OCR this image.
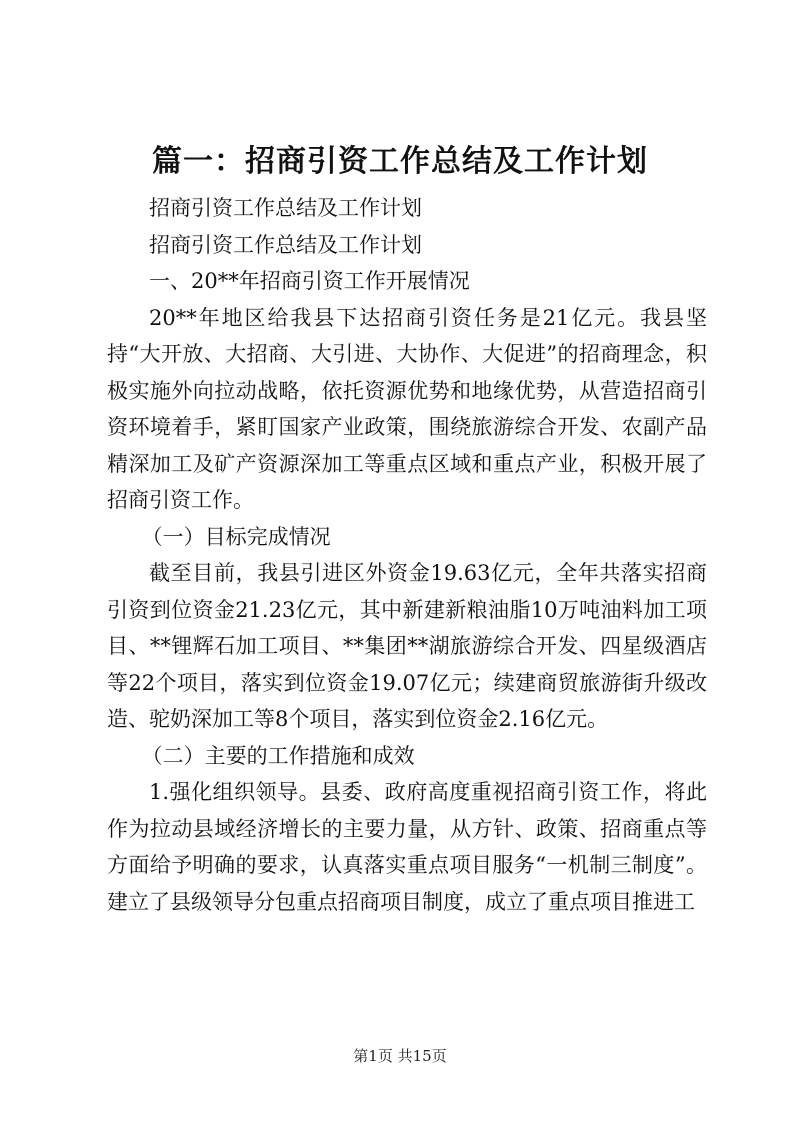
篇一：招商引资工作总结及工作计划

招商引资工作总结及工作计划

招商引资工作总结及工作计划

一、20**年招商引资工作开展情况

20**年地区给我县下达招商引资任务是21亿元。我县坚持“大开放、大招商、大引进、大协作、大促进”的招商理念，积极实施外向拉动战略，依托资源优势和地缘优势，从营造招商引资环境着手，紧盯国家产业政策，围绕旅游综合开发、农副产品精深加工及矿产资源深加工等重点区域和重点产业，积极开展了招商引资工作。

（一）目标完成情况

截至目前，我县引进区外资金19.63亿元，全年共落实招商引资到位资金21.23亿元，其中新建新粮油脂10万吨油料加工项目、**锂辉石加工项目、**集团**湖旅游综合开发、四星级酒店等22个项目，落实到位资金19.07亿元；续建商贸旅游街升级改造、驼奶深加工等8个项目，落实到位资金2.16亿元。

（二）主要的工作措施和成效

1.强化组织领导。县委、政府高度重视招商引资工作，将此作为拉动县域经济增长的主要力量，从方针、政策、招商重点等方面给予明确的要求，认真落实重点项目服务“一机制三制度”。建立了县级领导分包重点招商项目制度，成立了重点项目推进工

第1页 共15页
